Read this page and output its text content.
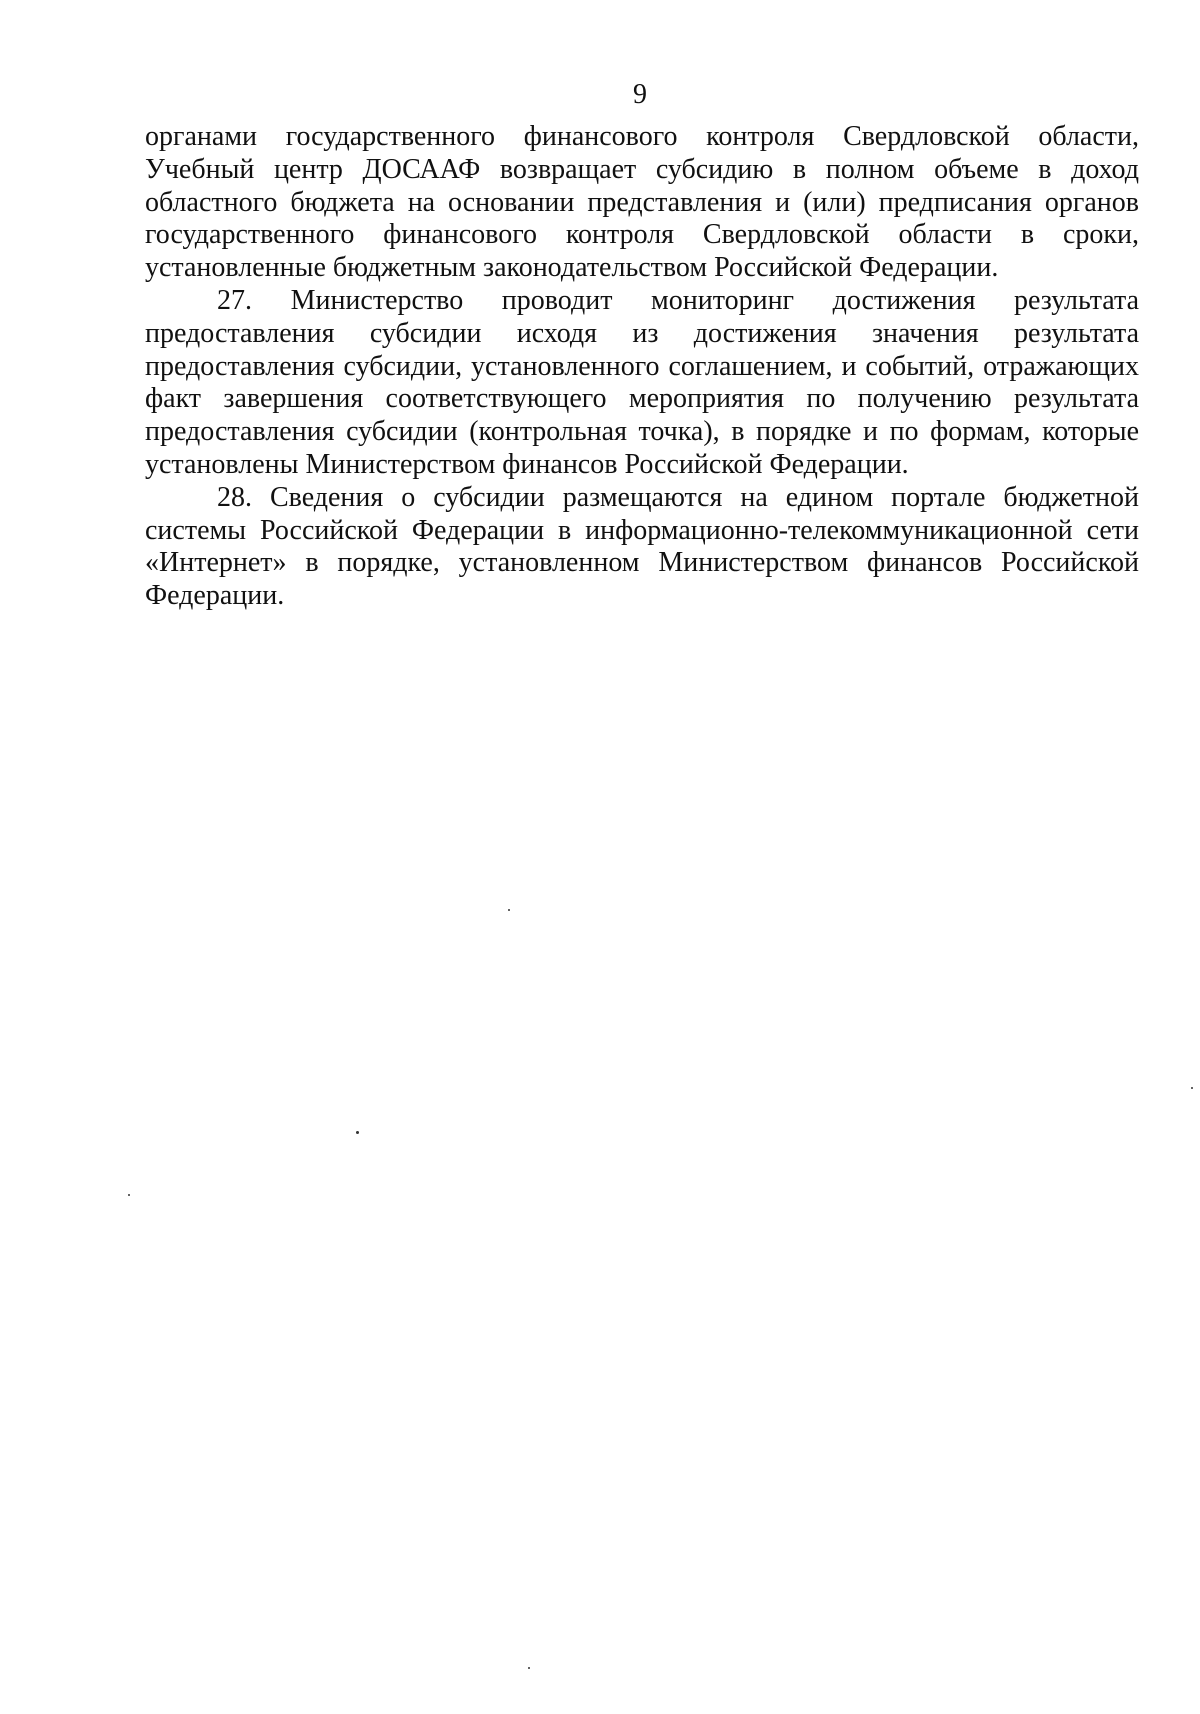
9

органами государственного финансового контроля Свердловской области, Учебный центр ДОСААФ возвращает субсидию в полном объеме в доход областного бюджета на основании представления и (или) предписания органов государственного финансового контроля Свердловской области в сроки, установленные бюджетным законодательством Российской Федерации.

27. Министерство проводит мониторинг достижения результата предоставления субсидии исходя из достижения значения результата предоставления субсидии, установленного соглашением, и событий, отражающих факт завершения соответствующего мероприятия по получению результата предоставления субсидии (контрольная точка), в порядке и по формам, которые установлены Министерством финансов Российской Федерации.

28. Сведения о субсидии размещаются на едином портале бюджетной системы Российской Федерации в информационно-телекоммуникационной сети «Интернет» в порядке, установленном Министерством финансов Российской Федерации.
